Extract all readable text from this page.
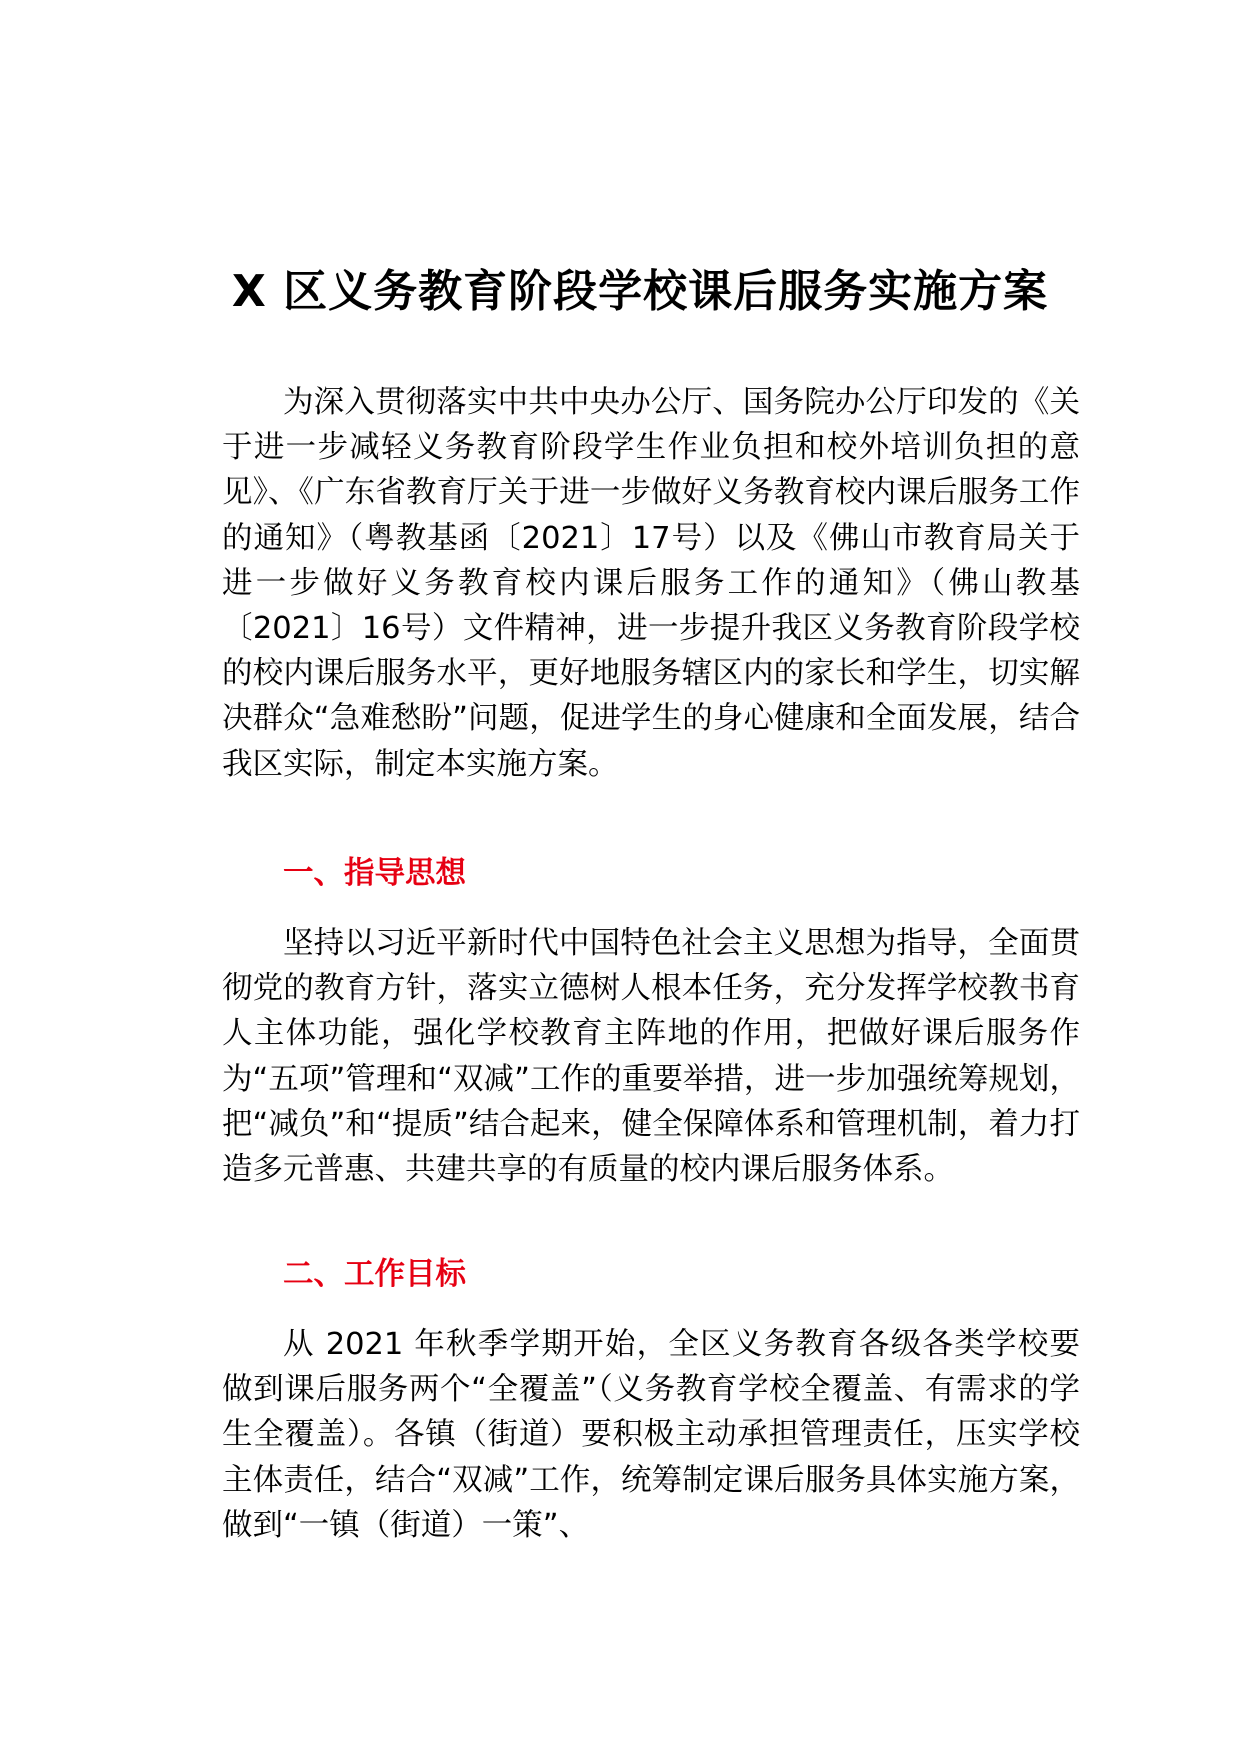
X 区义务教育阶段学校课后服务实施方案

为深入贯彻落实中共中央办公厅、国务院办公厅印发的《关于进一步减轻义务教育阶段学生作业负担和校外培训负担的意见》、《广东省教育厅关于进一步做好义务教育校内课后服务工作的通知》（粤教基函〔2021〕17号）以及《佛山市教育局关于进一步做好义务教育校内课后服务工作的通知》（佛山教基〔2021〕16号）文件精神，进一步提升我区义务教育阶段学校的校内课后服务水平，更好地服务辖区内的家长和学生，切实解决群众“急难愁盼”问题，促进学生的身心健康和全面发展，结合我区实际，制定本实施方案。

一、指导思想

坚持以习近平新时代中国特色社会主义思想为指导，全面贯彻党的教育方针，落实立德树人根本任务，充分发挥学校教书育人主体功能，强化学校教育主阵地的作用，把做好课后服务作为“五项”管理和“双减”工作的重要举措，进一步加强统筹规划，把“减负”和“提质”结合起来，健全保障体系和管理机制，着力打造多元普惠、共建共享的有质量的校内课后服务体系。

二、工作目标

从 2021 年秋季学期开始，全区义务教育各级各类学校要做到课后服务两个“全覆盖”（义务教育学校全覆盖、有需求的学生全覆盖）。各镇（街道）要积极主动承担管理责任，压实学校主体责任，结合“双减”工作，统筹制定课后服务具体实施方案，做到“一镇（街道）一策”、
